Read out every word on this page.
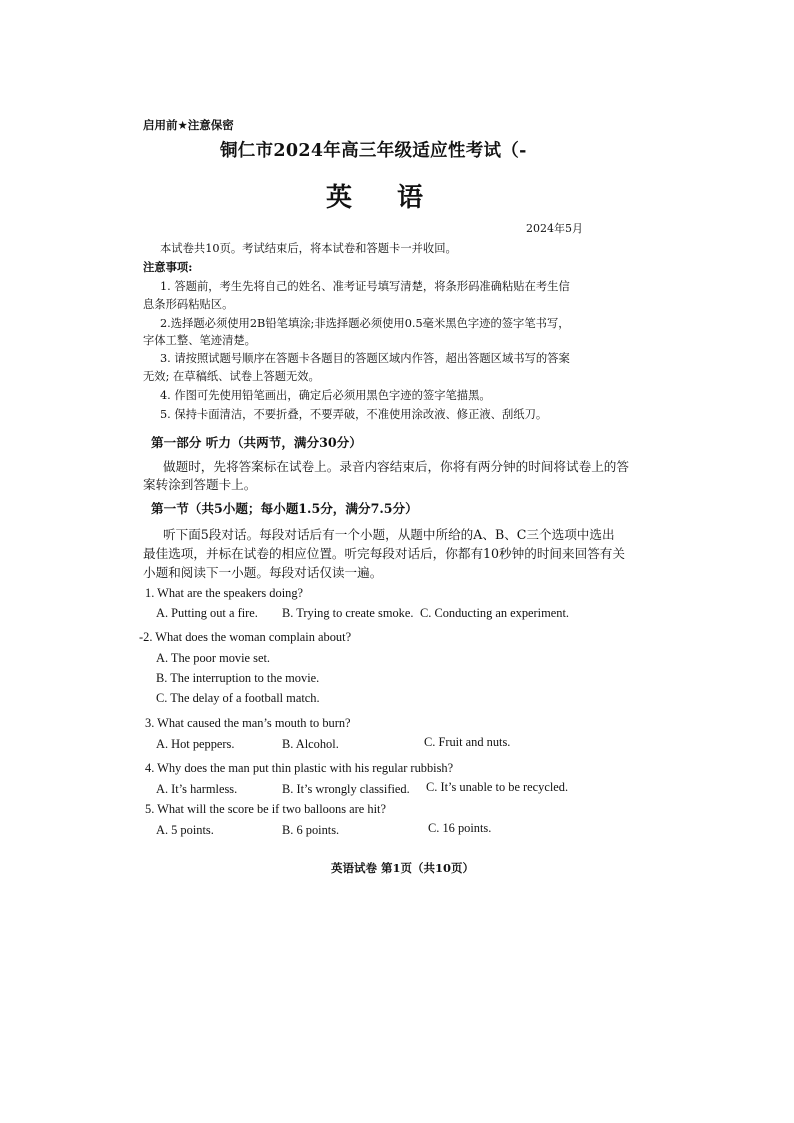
启用前★注意保密
铜仁市2024年高三年级适应性考试（-
英 语
2024年5月
本试卷共10页。考试结束后，将本试卷和答题卡一并收回。
注意事项:
1. 答题前，考生先将自己的姓名、准考证号填写清楚，将条形码准确粘贴在考生信
息条形码粘贴区。
2.选择题必须使用2B铅笔填涂;非选择题必须使用0.5毫米黑色字迹的签字笔书写，
字体工整、笔迹清楚。
3. 请按照试题号顺序在答题卡各题目的答题区域内作答，超出答题区域书写的答案
无效; 在草稿纸、试卷上答题无效。
4. 作图可先使用铅笔画出，确定后必须用黑色字迹的签字笔描黑。
5. 保持卡面清洁，不要折叠，不要弄破，不准使用涂改液、修正液、刮纸刀。
第一部分 听力（共两节，满分30分）
做题时，先将答案标在试卷上。录音内容结束后，你将有两分钟的时间将试卷上的答
案转涂到答题卡上。
第一节（共5小题；每小题1.5分，满分7.5分）
听下面5段对话。每段对话后有一个小题，从题中所给的A、B、C三个选项中选出
最佳选项，并标在试卷的相应位置。听完每段对话后，你都有10秒钟的时间来回答有关
小题和阅读下一小题。每段对话仅读一遍。
1. What are the speakers doing?
A. Putting out a fire. B. Trying to create smoke. C. Conducting an experiment.
-2. What does the woman complain about?
A. The poor movie set.
B. The interruption to the movie.
C. The delay of a football match.
3. What caused the man’s mouth to burn?
A. Hot peppers.	B. Alcohol.	C. Fruit and nuts.
4. Why does the man put thin plastic with his regular rubbish?
A. It’s harmless.	B. It’s wrongly classified. C. It’s unable to be recycled.
5. What will the score be if two balloons are hit?
A. 5 points.	B. 6 points.	C. 16 points.
英语试卷 第1页（共10页）
